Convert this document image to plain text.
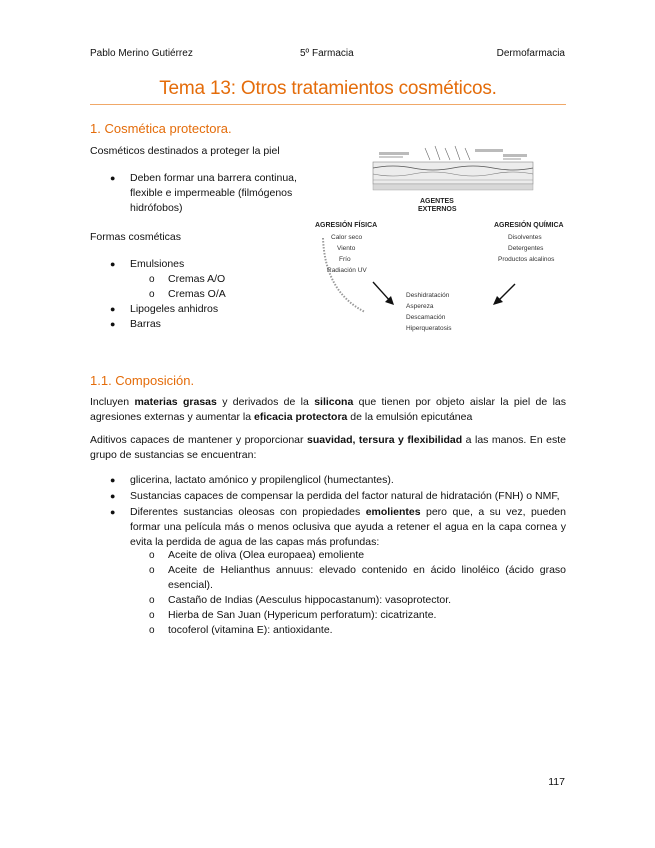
Pablo Merino Gutiérrez	5º Farmacia	Dermofarmacia
Tema 13: Otros tratamientos cosméticos.
1. Cosmética protectora.
Cosméticos destinados a proteger la piel
● Deben formar una barrera continua,
flexible e impermeable (filmógenos
hidrófobos)
Formas cosméticas
● Emulsiones
o Cremas A/O
o Cremas O/A
● Lipogeles anhidros
● Barras
AGENTES
EXTERNOS
AGRESIÓN FÍSICA
Calor seco
Viento
Frío
Radiación UV
AGRESIÓN QUÍMICA
Disolventes
Detergentes
Productos alcalinos
Deshidratación
Aspereza
Descamación
Hiperqueratosis
1.1. Composición.
Incluyen materias grasas y derivados de la silicona que tienen por objeto aislar la piel de las agresiones externas y aumentar la eficacia protectora de la emulsión epicutánea
Aditivos capaces de mantener y proporcionar suavidad, tersura y flexibilidad a las manos. En este grupo de sustancias se encuentran:
● glicerina, lactato amónico y propilenglicol (humectantes).
● Sustancias capaces de compensar la perdida del factor natural de hidratación (FNH) o NMF,
● Diferentes sustancias oleosas con propiedades emolientes pero que, a su vez, pueden formar una película más o menos oclusiva que ayuda a retener el agua en la capa cornea y evita la perdida de agua de las capas más profundas:
o Aceite de oliva (Olea europaea) emoliente
o Aceite de Helianthus annuus: elevado contenido en ácido linoléico (ácido graso esencial).
o Castaño de Indias (Aesculus hippocastanum): vasoprotector.
o Hierba de San Juan (Hypericum perforatum): cicatrizante.
o tocoferol (vitamina E): antioxidante.
117
